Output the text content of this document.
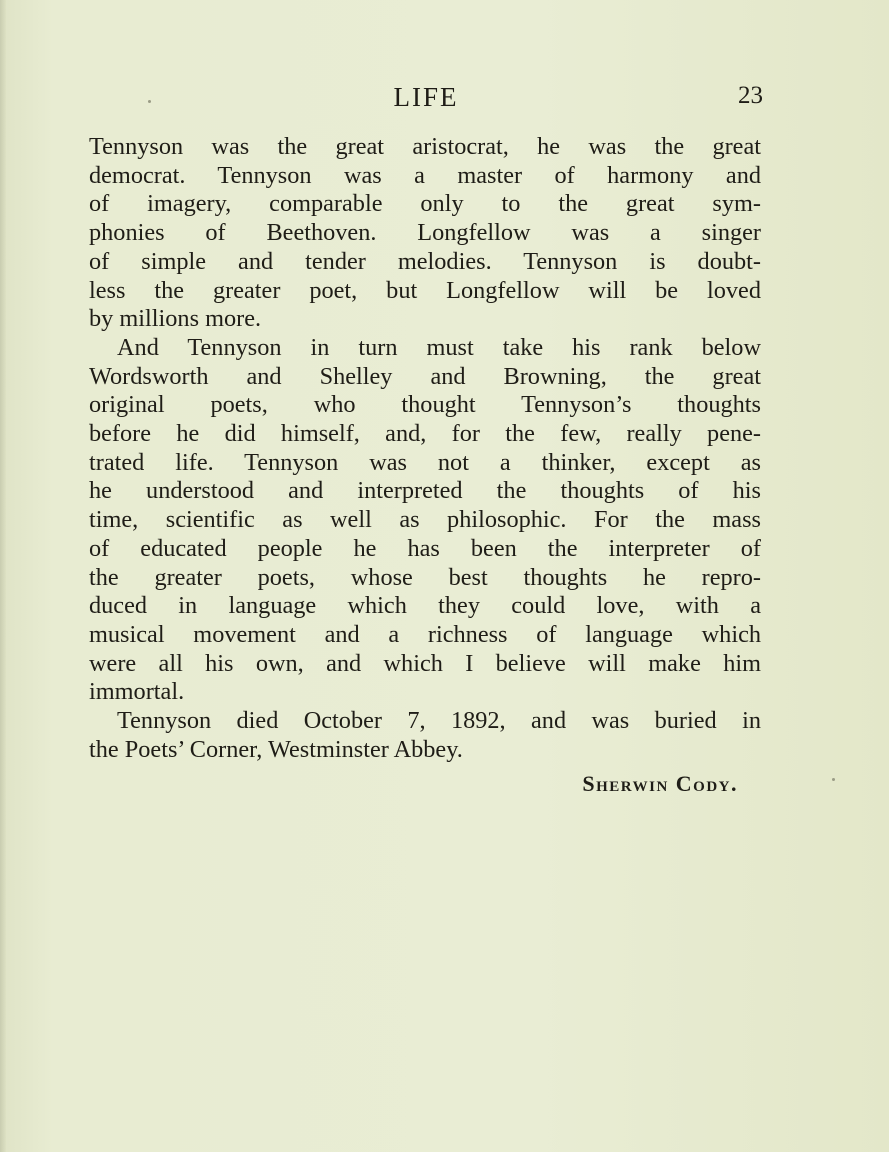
LIFE	23

Tennyson was the great aristocrat, he was the great
democrat. Tennyson was a master of harmony and
of imagery, comparable only to the great sym-
phonies of Beethoven. Longfellow was a singer
of simple and tender melodies. Tennyson is doubt-
less the greater poet, but Longfellow will be loved
by millions more.

And Tennyson in turn must take his rank below
Wordsworth and Shelley and Browning, the great
original poets, who thought Tennyson’s thoughts
before he did himself, and, for the few, really pene-
trated life. Tennyson was not a thinker, except as
he understood and interpreted the thoughts of his
time, scientific as well as philosophic. For the mass
of educated people he has been the interpreter of
the greater poets, whose best thoughts he repro-
duced in language which they could love, with a
musical movement and a richness of language which
were all his own, and which I believe will make him
immortal.

Tennyson died October 7, 1892, and was buried in
the Poets’ Corner, Westminster Abbey.

Sherwin Cody.
